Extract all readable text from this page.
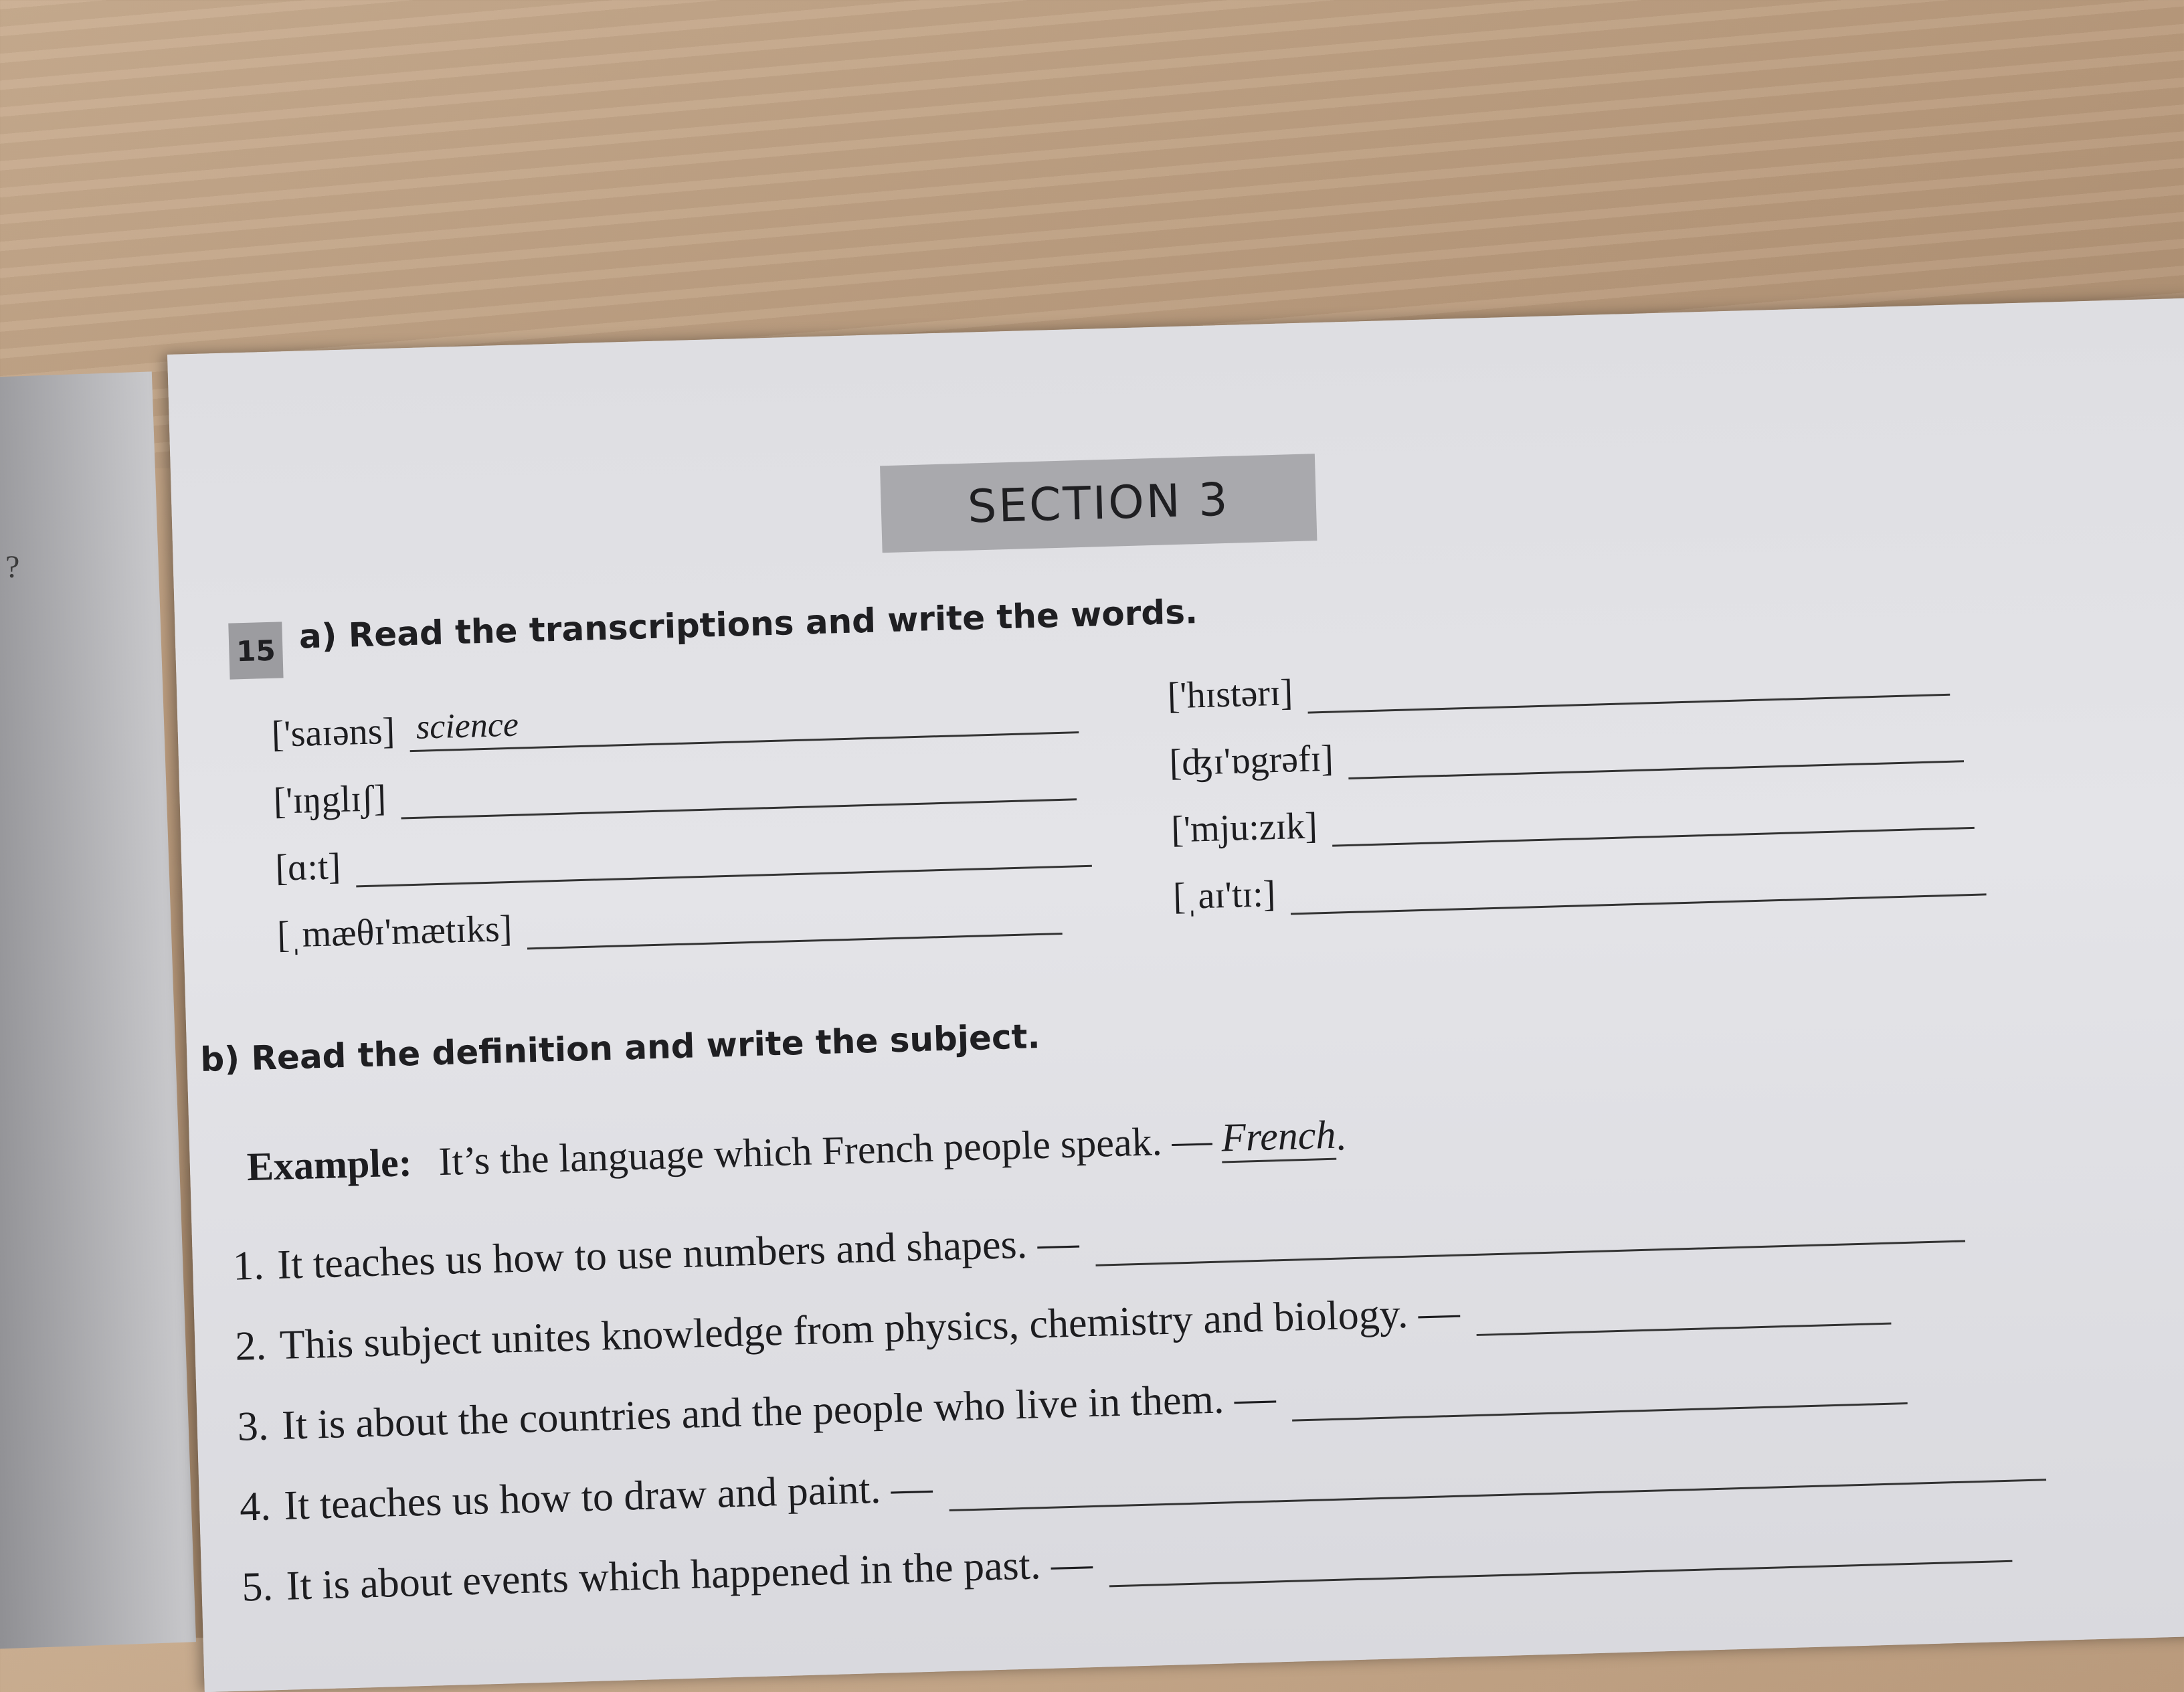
?
SECTION 3
15 a) Read the transcriptions and write the words.
['saɪəns] science
['ɪŋglɪʃ]
[ɑ:t]
[ˌmæθɪ'mætɪks]
['hɪstərɪ]
[ʤɪ'ɒgrəfɪ]
['mju:zɪk]
[ˌaɪ'tɪ:]
b) Read the definition and write the subject.
Example: It’s the language which French people speak. — French
.
1. It teaches us how to use numbers and shapes. —
2. This subject unites knowledge from physics, chemistry and biology. —
3. It is about the countries and the people who live in them. —
4. It teaches us how to draw and paint. —
5. It is about events which happened in the past. —
